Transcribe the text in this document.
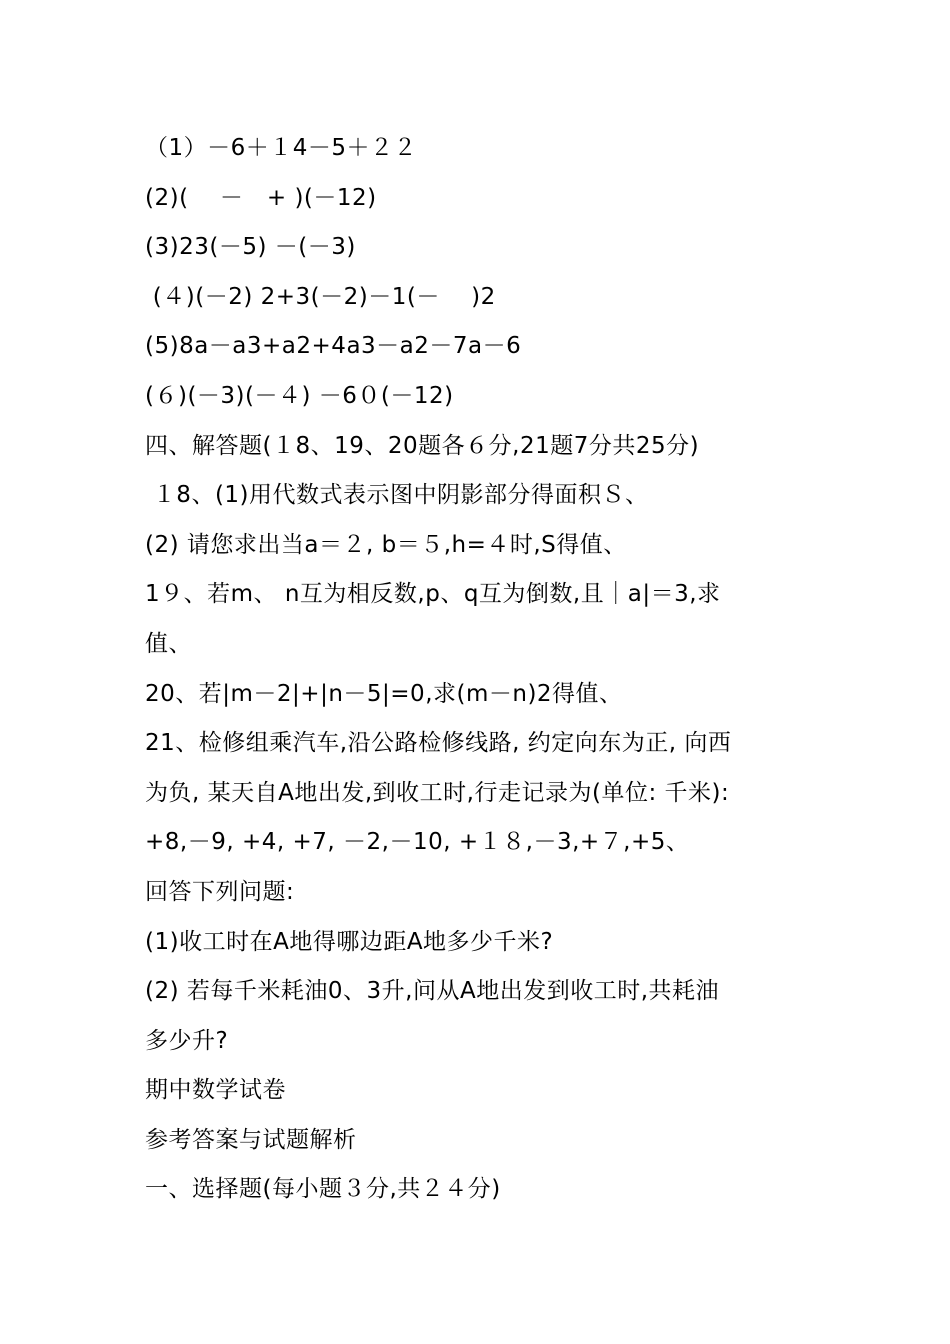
（1）－6＋１4－5＋２２
(2)(　 －　+ )(－12)
(3)23(－5) －(－3)
(４)(－2) 2+3(－2)－1(－　 )2
(5)8a－a3+a2+4a3－a2－7a－6
(６)(－3)(－４) －6０(－12)
四、解答题(１8、19、20题各６分,21题7分共25分)
１8、(1)用代数式表示图中阴影部分得面积Ｓ、
(2) 请您求出当a＝２, b＝５,h=４时,S得值、
1９、若m、 n互为相反数,p、q互为倒数,且｜a|＝3,求
值、
20、若|m－2|+|n－5|=0,求(m－n)2得值、
21、检修组乘汽车,沿公路检修线路, 约定向东为正, 向西
为负, 某天自A地出发,到收工时,行走记录为(单位: 千米):
+8,－9, +4, +7, －2,－10, +１８,－3,+７,+5、
回答下列问题:
(1)收工时在A地得哪边距A地多少千米?
(2) 若每千米耗油0、3升,问从A地出发到收工时,共耗油
多少升?
期中数学试卷
参考答案与试题解析
一、选择题(每小题３分,共２４分)
